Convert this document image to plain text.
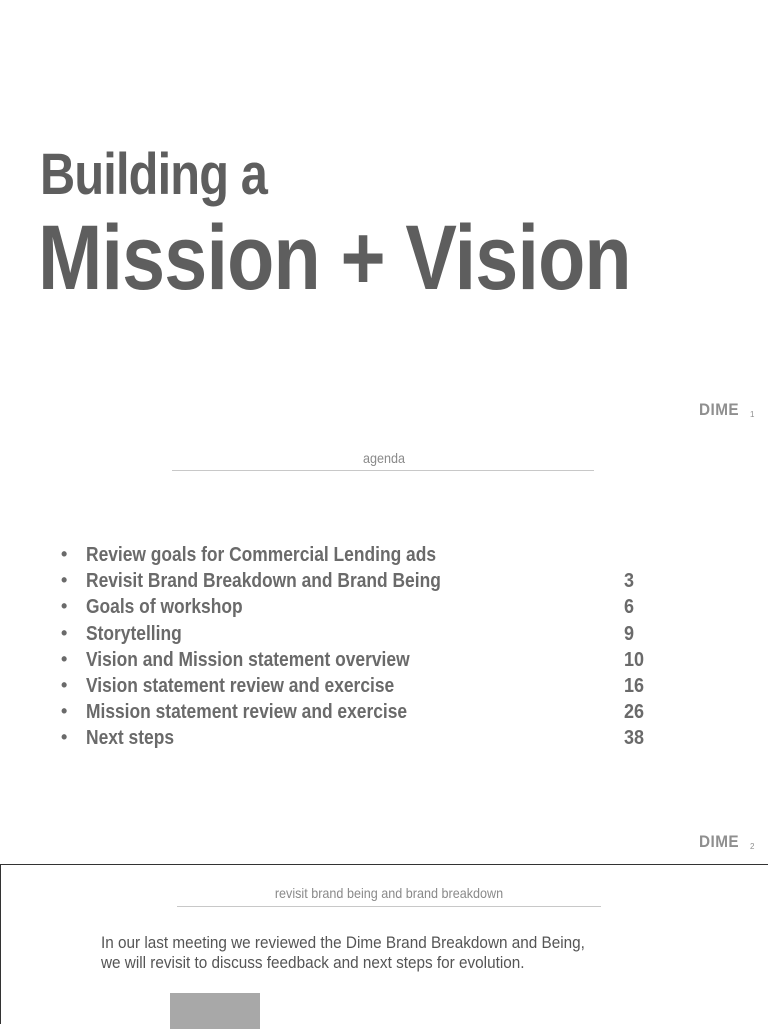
Building a
Mission + Vision
DIME 1
agenda
• Review goals for Commercial Lending ads
• Revisit Brand Breakdown and Brand Being	3
• Goals of workshop	6
• Storytelling	9
• Vision and Mission statement overview	10
• Vision statement review and exercise	16
• Mission statement review and exercise	26
• Next steps	38
DIME 2
revisit brand being and brand breakdown

In our last meeting we reviewed the Dime Brand Breakdown and Being,
we will revisit to discuss feedback and next steps for evolution.
